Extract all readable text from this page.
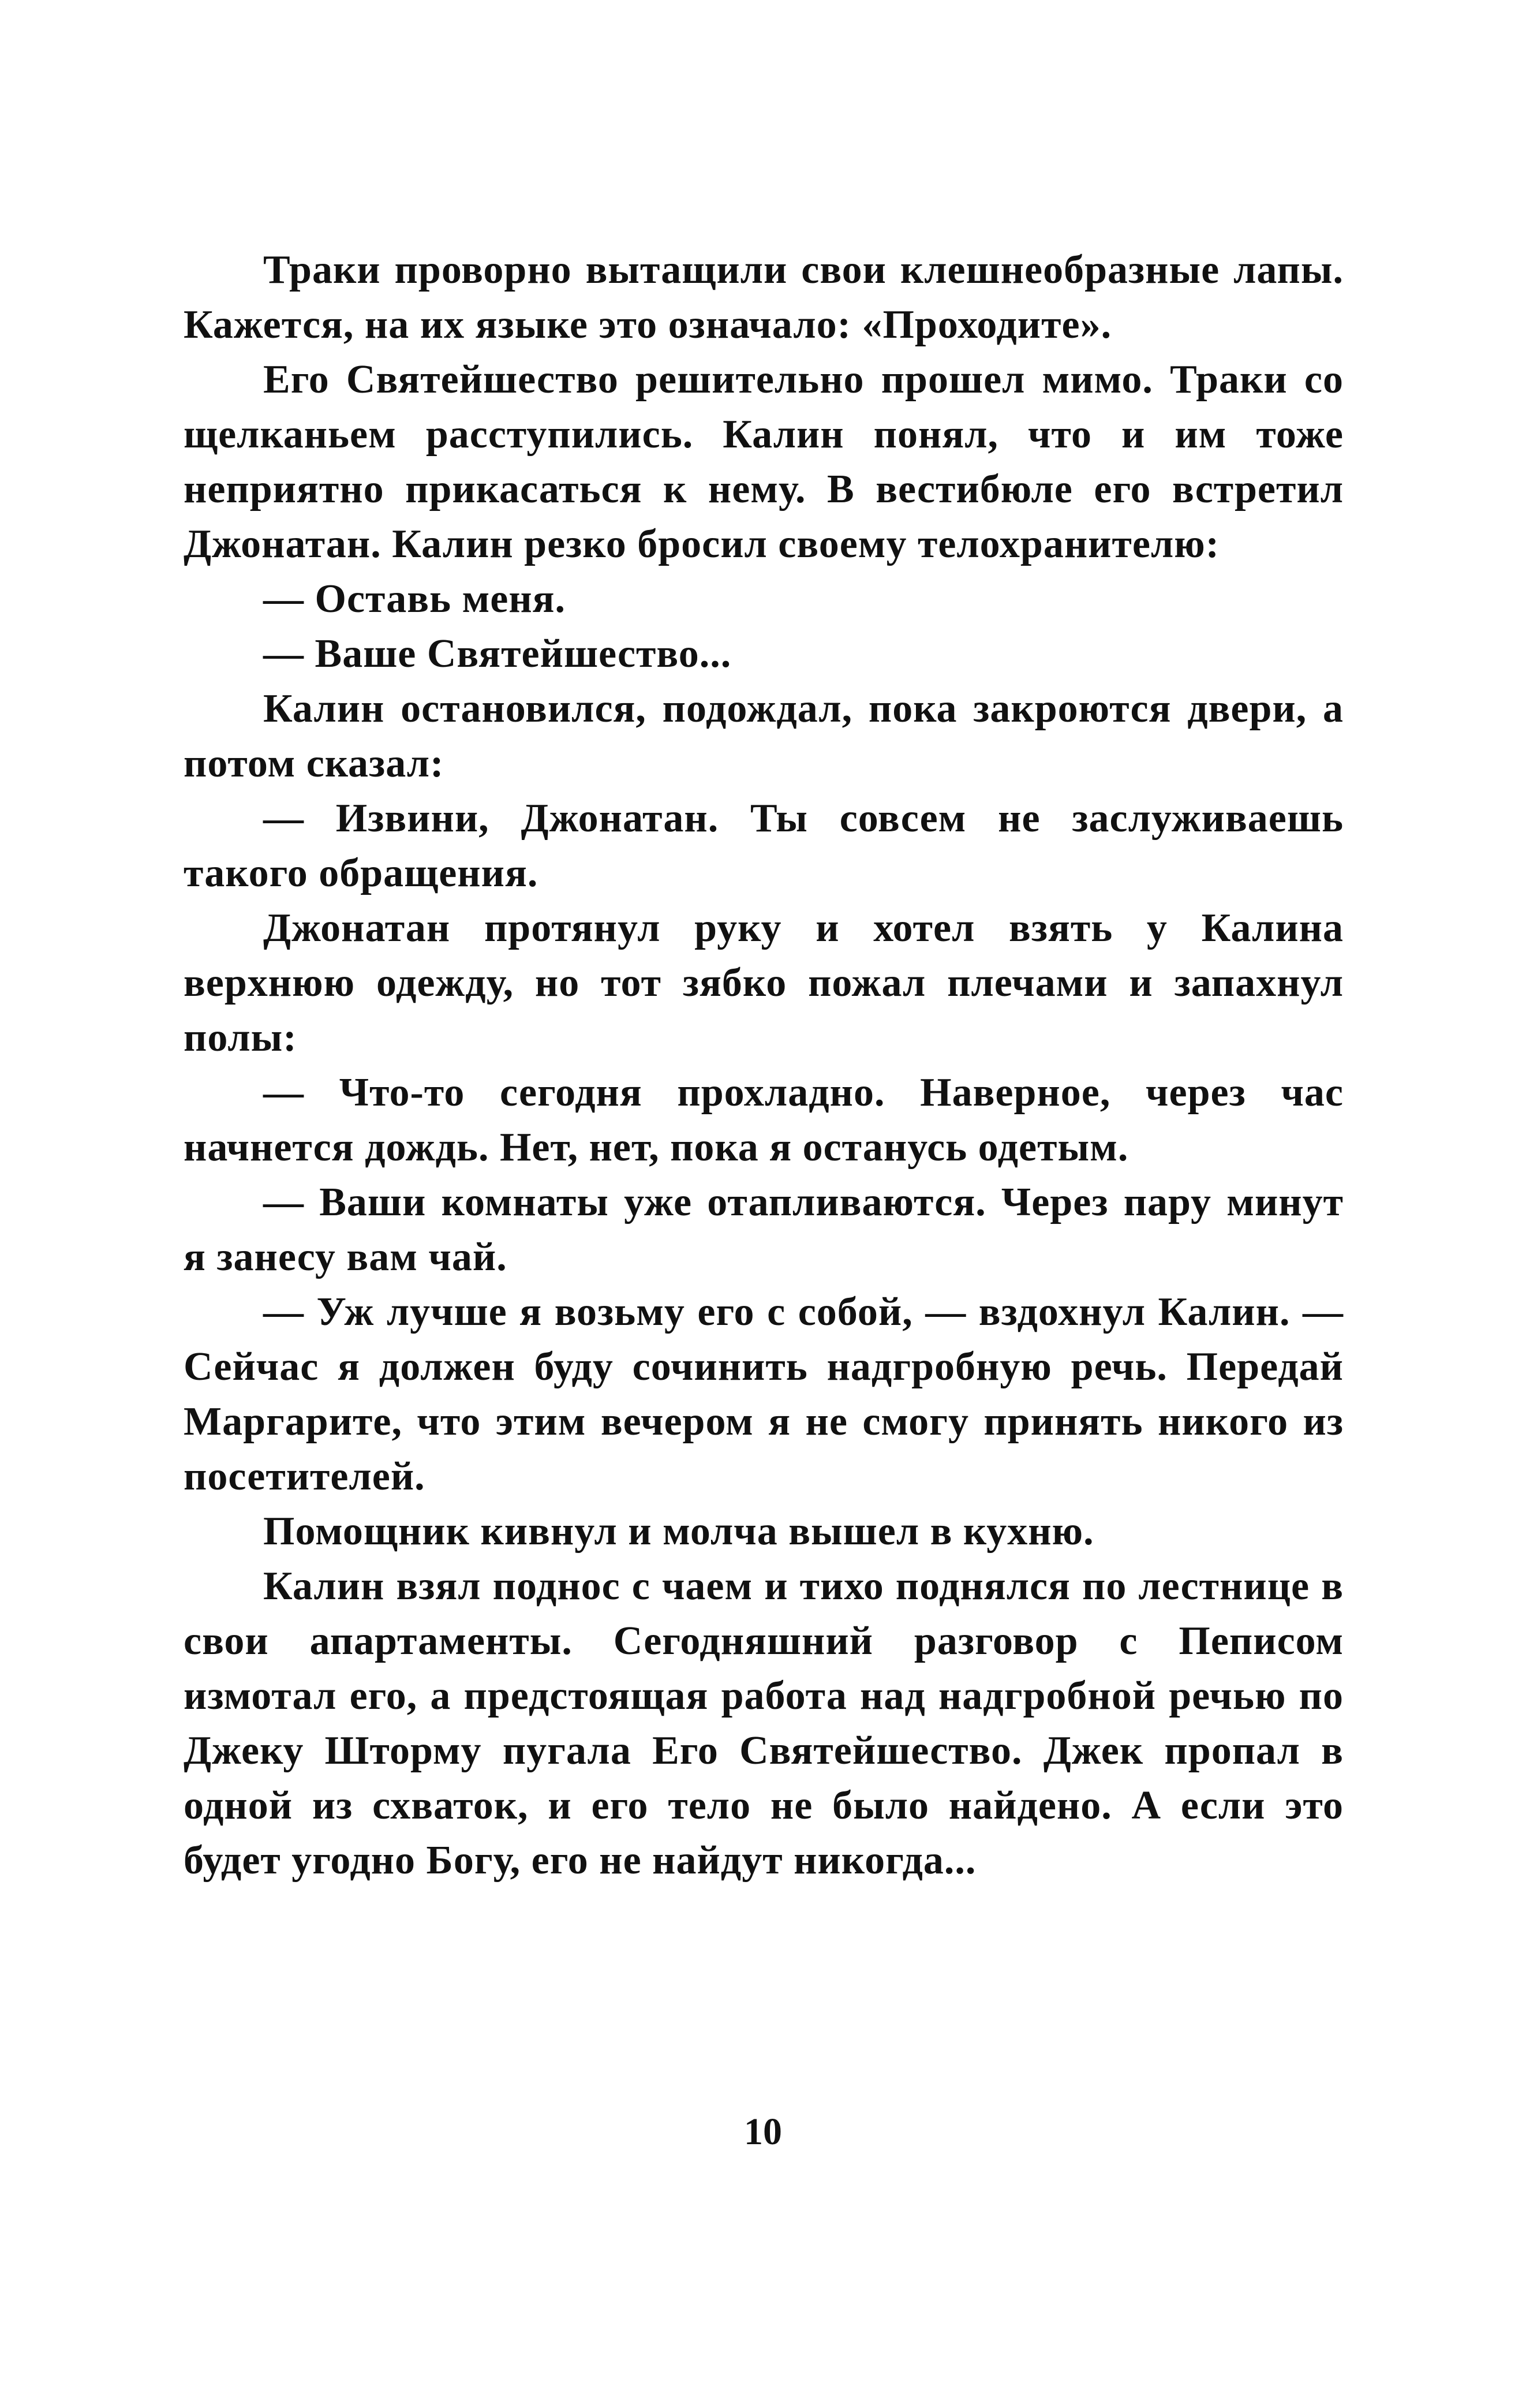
Траки проворно вытащили свои клешнеобразные лапы. Кажется, на их языке это означало: «Проходите».

Его Святейшество решительно прошел мимо. Траки со щелканьем расступились. Калин понял, что и им тоже неприятно прикасаться к нему. В вестибюле его встретил Джонатан. Калин резко бросил своему телохранителю:

— Оставь меня.

— Ваше Святейшество...

Калин остановился, подождал, пока закроются двери, а потом сказал:

— Извини, Джонатан. Ты совсем не заслуживаешь такого обращения.

Джонатан протянул руку и хотел взять у Калина верхнюю одежду, но тот зябко пожал плечами и запахнул полы:

— Что-то сегодня прохладно. Наверное, через час начнется дождь. Нет, нет, пока я останусь одетым.

— Ваши комнаты уже отапливаются. Через пару минут я занесу вам чай.

— Уж лучше я возьму его с собой, — вздохнул Калин. — Сейчас я должен буду сочинить надгробную речь. Передай Маргарите, что этим вечером я не смогу принять никого из посетителей.

Помощник кивнул и молча вышел в кухню.

Калин взял поднос с чаем и тихо поднялся по лестнице в свои апартаменты. Сегодняшний разговор с Пеписом измотал его, а предстоящая работа над надгробной речью по Джеку Шторму пугала Его Святейшество. Джек пропал в одной из схваток, и его тело не было найдено. А если это будет угодно Богу, его не найдут никогда...

10
